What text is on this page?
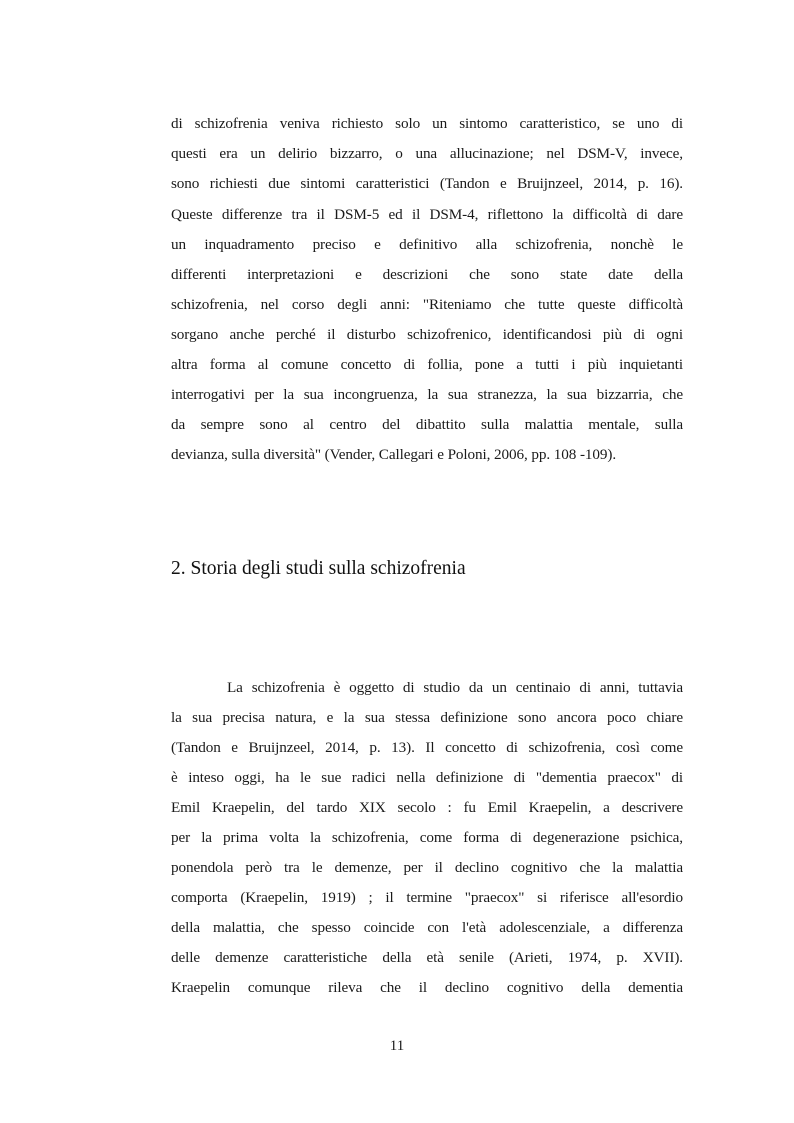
di schizofrenia veniva richiesto solo un sintomo caratteristico, se uno di
questi era un delirio bizzarro, o una allucinazione; nel DSM-V, invece,
sono richiesti due sintomi caratteristici (Tandon e Bruijnzeel, 2014, p. 16).
Queste differenze tra il DSM-5 ed il DSM-4, riflettono la difficoltà di dare
un inquadramento preciso e definitivo alla schizofrenia, nonchè le
differenti interpretazioni e descrizioni che sono state date della
schizofrenia, nel corso degli anni: "Riteniamo che tutte queste difficoltà
sorgano anche perché il disturbo schizofrenico, identificandosi più di ogni
altra forma al comune concetto di follia, pone a tutti i più inquietanti
interrogativi per la sua incongruenza, la sua stranezza, la sua bizzarria, che
da sempre sono al centro del dibattito sulla malattia mentale, sulla
devianza, sulla diversità" (Vender, Callegari e Poloni, 2006, pp. 108 -109).
2. Storia degli studi sulla schizofrenia
La schizofrenia è oggetto di studio da un centinaio di anni, tuttavia
la sua precisa natura, e la sua stessa definizione sono ancora poco chiare
(Tandon e Bruijnzeel, 2014, p. 13). Il concetto di schizofrenia, così come
è inteso oggi, ha le sue radici nella definizione di "dementia praecox" di
Emil Kraepelin, del tardo XIX secolo : fu Emil Kraepelin, a descrivere
per la prima volta la schizofrenia, come forma di degenerazione psichica,
ponendola però tra le demenze, per il declino cognitivo che la malattia
comporta (Kraepelin, 1919) ; il termine "praecox" si riferisce all'esordio
della malattia, che spesso coincide con l'età adolescenziale, a differenza
delle demenze caratteristiche della età senile (Arieti, 1974, p. XVII).
Kraepelin comunque rileva che il declino cognitivo della dementia
11
